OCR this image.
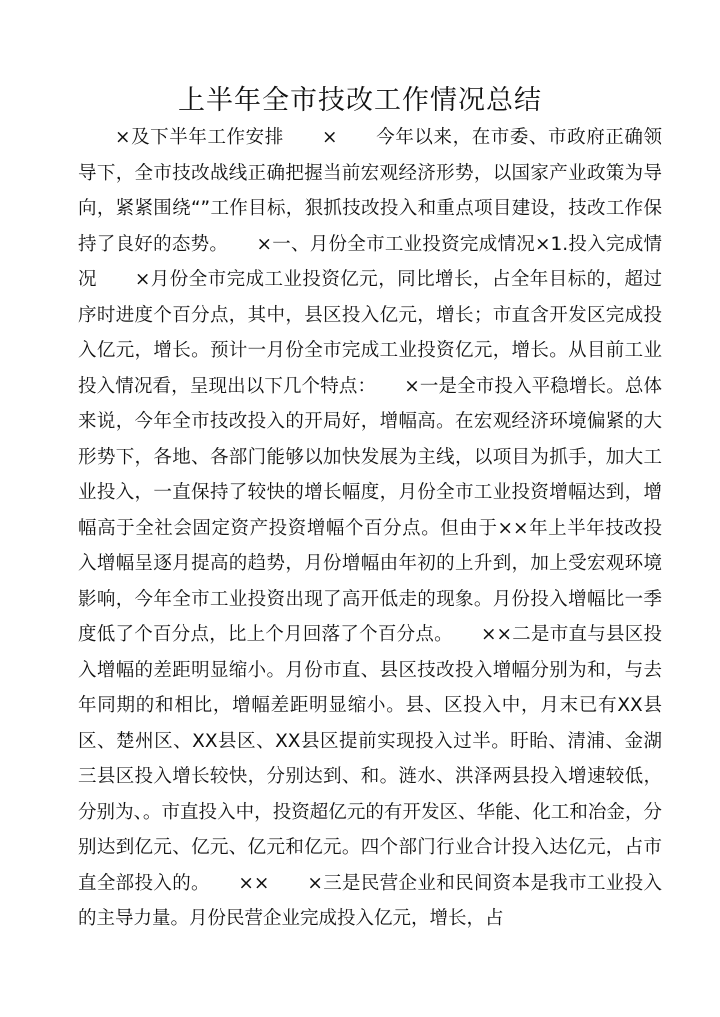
上半年全市技改工作情况总结

×及下半年工作安排　　×　　今年以来，在市委、市政府正确领导下，全市技改战线正确把握当前宏观经济形势，以国家产业政策为导向，紧紧围绕“”工作目标，狠抓技改投入和重点项目建设，技改工作保持了良好的态势。　　×一、月份全市工业投资完成情况×1.投入完成情况　　×月份全市完成工业投资亿元，同比增长，占全年目标的，超过序时进度个百分点，其中，县区投入亿元，增长；市直含开发区完成投入亿元，增长。预计一月份全市完成工业投资亿元，增长。从目前工业投入情况看，呈现出以下几个特点：　　×一是全市投入平稳增长。总体来说，今年全市技改投入的开局好，增幅高。在宏观经济环境偏紧的大形势下，各地、各部门能够以加快发展为主线，以项目为抓手，加大工业投入，一直保持了较快的增长幅度，月份全市工业投资增幅达到，增幅高于全社会固定资产投资增幅个百分点。但由于××年上半年技改投入增幅呈逐月提高的趋势，月份增幅由年初的上升到，加上受宏观环境影响，今年全市工业投资出现了高开低走的现象。月份投入增幅比一季度低了个百分点，比上个月回落了个百分点。　　××二是市直与县区投入增幅的差距明显缩小。月份市直、县区技改投入增幅分别为和，与去年同期的和相比，增幅差距明显缩小。县、区投入中，月末已有XX县区、楚州区、XX县区、XX县区提前实现投入过半。盱眙、清浦、金湖三县区投入增长较快，分别达到、和。涟水、洪泽两县投入增速较低，分别为、。市直投入中，投资超亿元的有开发区、华能、化工和冶金，分别达到亿元、亿元、亿元和亿元。四个部门行业合计投入达亿元，占市直全部投入的。　　××　　×三是民营企业和民间资本是我市工业投入的主导力量。月份民营企业完成投入亿元，增长，占
